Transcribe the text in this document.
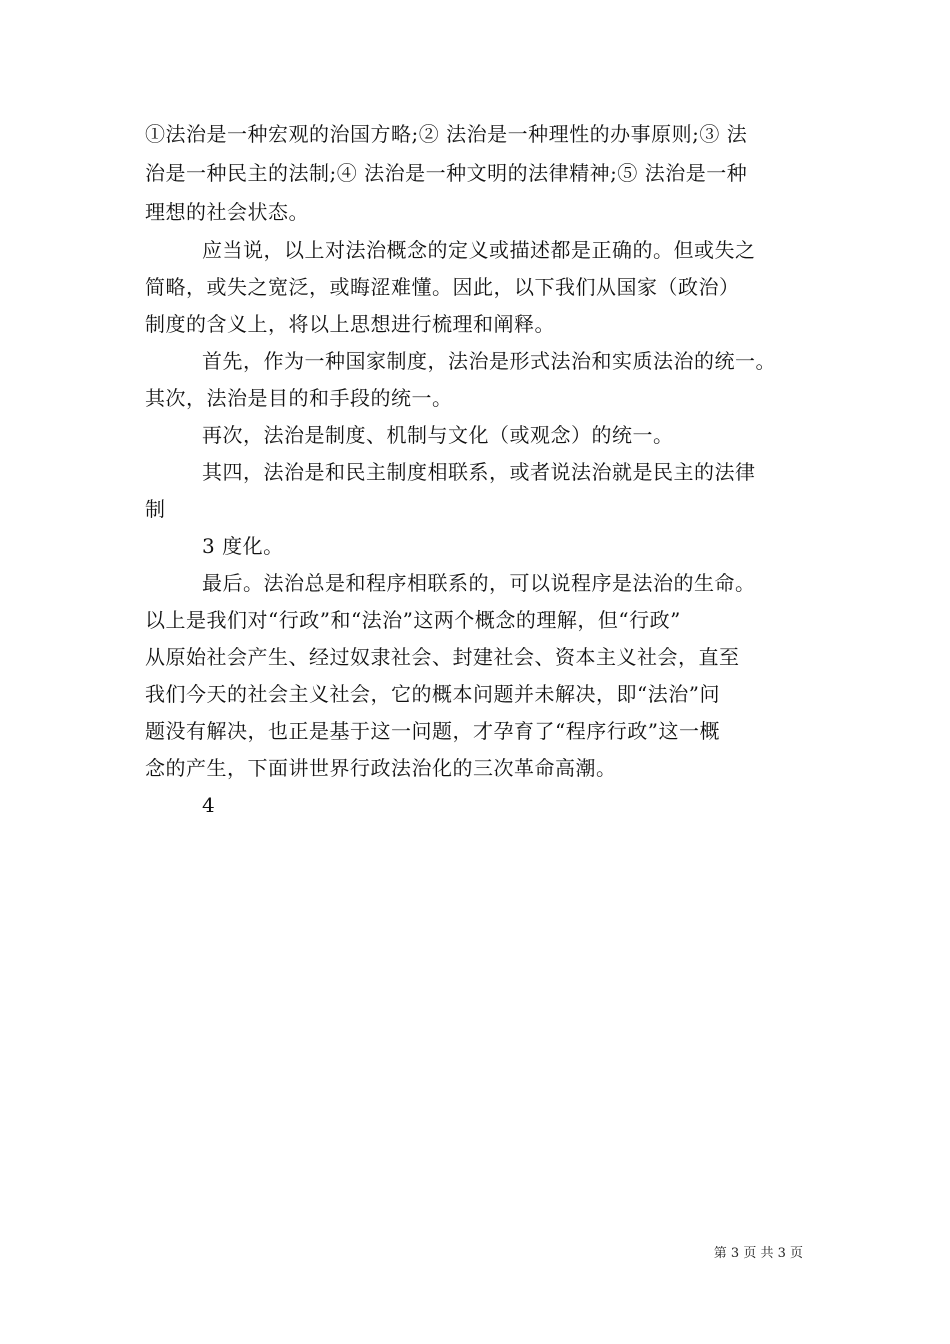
①法治是一种宏观的治国方略;② 法治是一种理性的办事原则;③ 法
治是一种民主的法制;④ 法治是一种文明的法律精神;⑤ 法治是一种
理想的社会状态。
应当说，以上对法治概念的定义或描述都是正确的。但或失之
简略，或失之宽泛，或晦涩难懂。因此，以下我们从国家（政治）
制度的含义上，将以上思想进行梳理和阐释。
首先，作为一种国家制度，法治是形式法治和实质法治的统一。
其次，法治是目的和手段的统一。
再次，法治是制度、机制与文化（或观念）的统一。
其四，法治是和民主制度相联系，或者说法治就是民主的法律
制
3 度化。
最后。法治总是和程序相联系的，可以说程序是法治的生命。
以上是我们对“行政”和“法治”这两个概念的理解，但“行政”
从原始社会产生、经过奴隶社会、封建社会、资本主义社会，直至
我们今天的社会主义社会，它的概本问题并未解决，即“法治”问
题没有解决，也正是基于这一问题，才孕育了“程序行政”这一概
念的产生，下面讲世界行政法治化的三次革命高潮。
4
第 3 页 共 3 页
